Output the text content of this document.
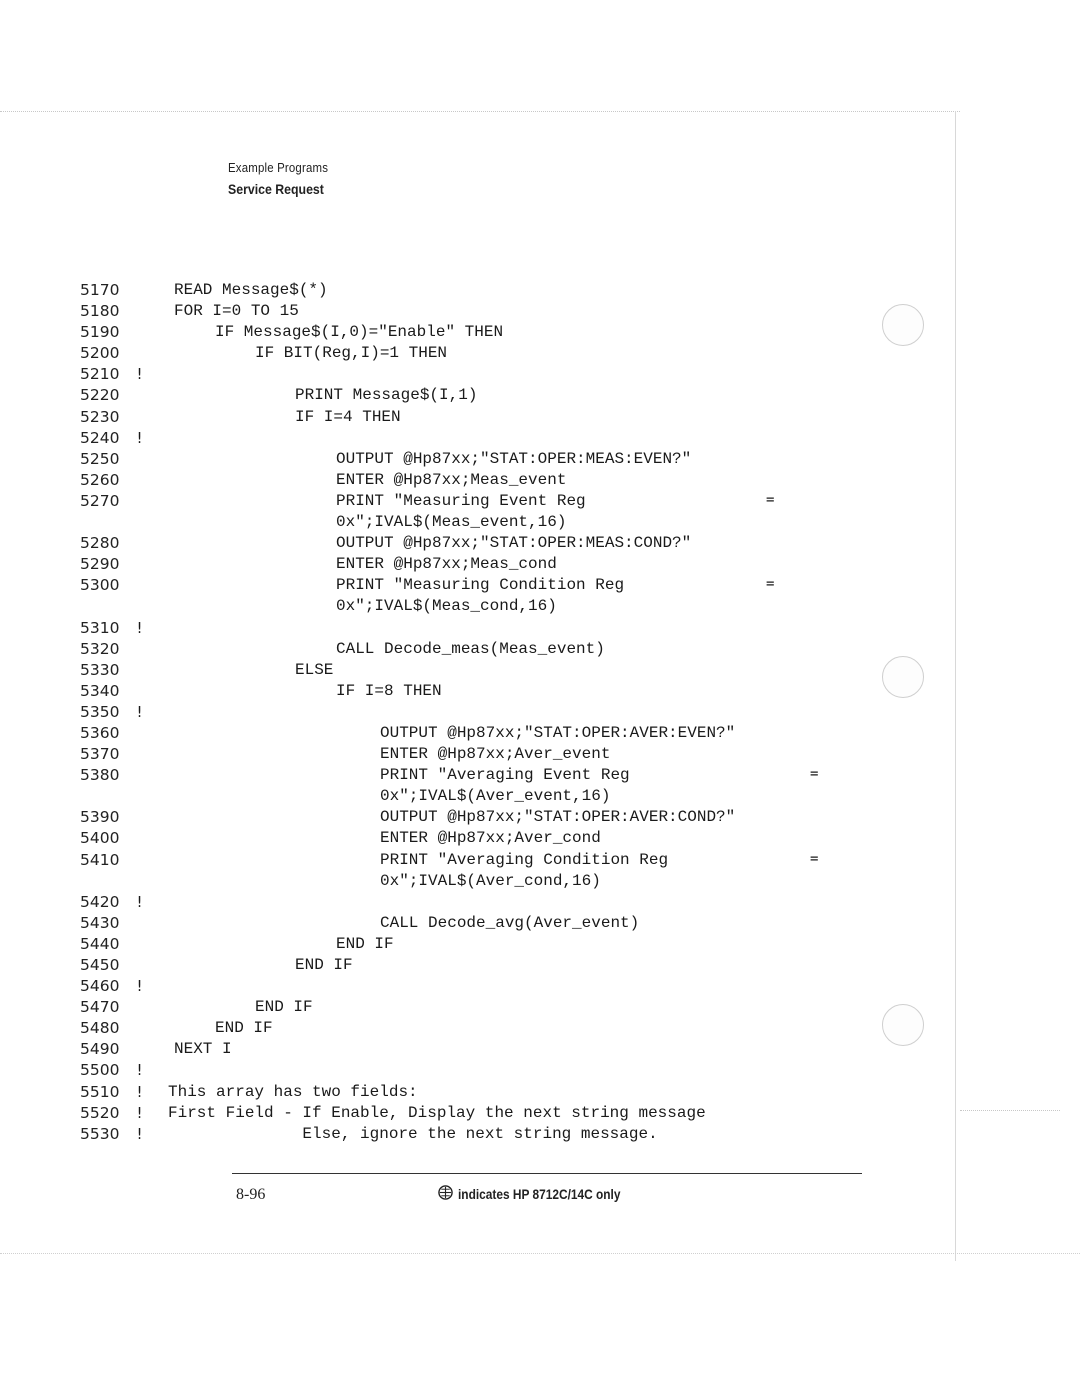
Example Programs
Service Request
5170	READ Message$(*)
5180	FOR I=0 TO 15
5190	IF Message$(I,0)="Enable" THEN
5200	IF BIT(Reg,I)=1 THEN
5210 !
5220	PRINT Message$(I,1)
5230	IF I=4 THEN
5240 !
5250	OUTPUT @Hp87xx;"STAT:OPER:MEAS:EVEN?"
5260	ENTER @Hp87xx;Meas_event
5270	PRINT "Measuring Event Reg	=
0x";IVAL$(Meas_event,16)
5280	OUTPUT @Hp87xx;"STAT:OPER:MEAS:COND?"
5290	ENTER @Hp87xx;Meas_cond
5300	PRINT "Measuring Condition Reg	=
0x";IVAL$(Meas_cond,16)
5310 !
5320	CALL Decode_meas(Meas_event)
5330	ELSE
5340	IF I=8 THEN
5350 !
5360	OUTPUT @Hp87xx;"STAT:OPER:AVER:EVEN?"
5370	ENTER @Hp87xx;Aver_event
5380	PRINT "Averaging Event Reg	=
0x";IVAL$(Aver_event,16)
5390	OUTPUT @Hp87xx;"STAT:OPER:AVER:COND?"
5400	ENTER @Hp87xx;Aver_cond
5410	PRINT "Averaging Condition Reg	=
0x";IVAL$(Aver_cond,16)
5420 !
5430	CALL Decode_avg(Aver_event)
5440	END IF
5450	END IF
5460 !
5470	END IF
5480	END IF
5490	NEXT I
5500 !
5510 ! This array has two fields:
5520 ! First Field - If Enable, Display the next string message
5530 ! Else, ignore the next string message.
8-96	indicates HP 8712C/14C only
